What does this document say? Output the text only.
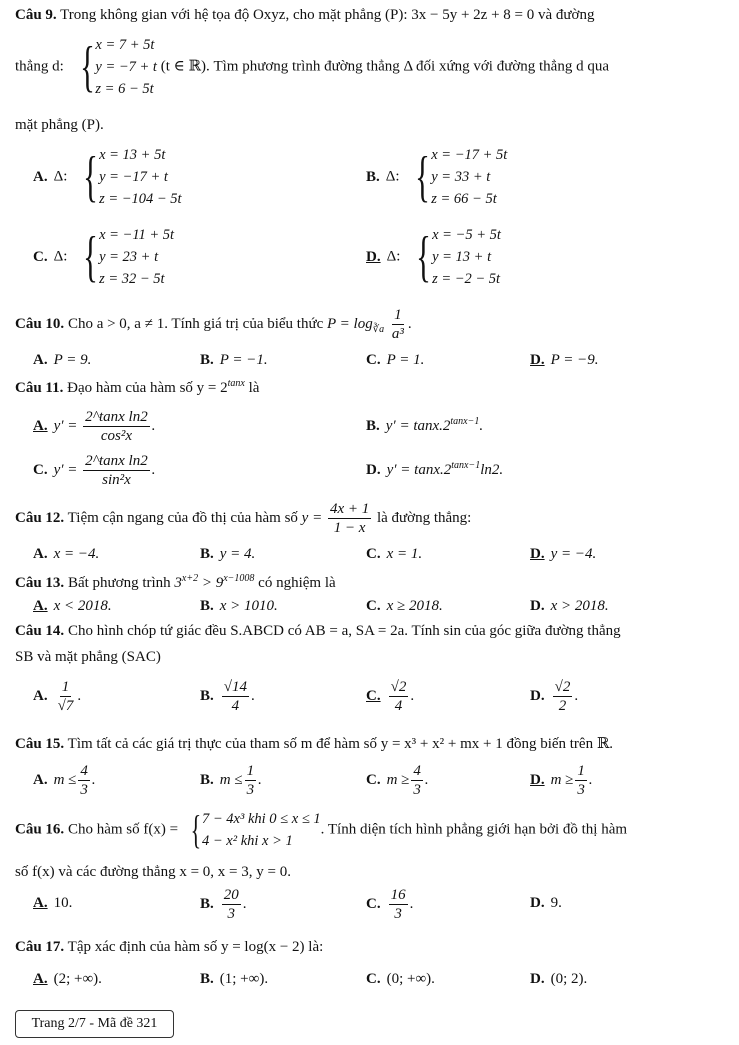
Câu 9. Trong không gian với hệ tọa độ Oxyz, cho mặt phẳng (P): 3x − 5y + 2z + 8 = 0 và đường
thẳng d: { x = 7 + 5t
y = −7 + t
z = 6 − 5t
(t ∈ ℝ). Tìm phương trình đường thẳng Δ đối xứng với đường thẳng d qua
mặt phẳng (P).
A. Δ: { x = 13 + 5t
y = −17 + t
z = −104 − 5t
B. Δ: { x = −17 + 5t
y = 33 + t
z = 66 − 5t
C. Δ: { x = −11 + 5t
y = 23 + t
z = 32 − 5t
D. Δ: { x = −5 + 5t
y = 13 + t
z = −2 − 5t
Câu 10. Cho a > 0, a ≠ 1. Tính giá trị của biểu thức $P = \log_{∛a} \frac{1}{\text{a³}}$ .
A. P = 9.	B. P = −1.	C. P = 1.	D. P = −9.
Câu 11. Đạo hàm của hàm số $y = 2^{tanx}$ là
A. $y' = \frac{\text{2\textasciicircum{}tanx ln2}}{\text{cos²x}}$ .	B. $y' = \tan x.2^{tanx-1}$.
C. $y' = \frac{\text{2\textasciicircum{}tanx ln2}}{\text{sin²x}}$ .	D. $y' = \tan x.2^{tanx-1}\ln 2$.
Câu 12. Tiệm cận ngang của đồ thị của hàm số $y = \frac{4x + 1}{1 - x}$ là đường thẳng:
A. x = −4.	B. y = 4.	C. x = 1.	D. y = −4.
Câu 13. Bất phương trình $3^{x+2} > 9^{x-1008}$ có nghiệm là
A. x < 2018.	B. x > 1010.	C. x ≥ 2018.	D. x > 2018.
Câu 14. Cho hình chóp tứ giác đều S.ABCD có AB = a, SA = 2a. Tính sin của góc giữa đường thẳng
SB và mặt phẳng (SAC)
A. $\frac{1}{√7}$ .	B. $\frac{√14}{4}$ .	C. $\frac{√2}{4}$ .	D. $\frac{√2}{2}$ .
Câu 15. Tìm tất cả các giá trị thực của tham số m để hàm số y = x³ + x² + mx + 1 đồng biến trên ℝ.
A. $m \le \frac{4}{3}$ .	B. $m \le \frac{1}{3}$ .	C. $m \ge \frac{4}{3}$ .	D. $m \ge \frac{1}{3}$ .
Câu 16. Cho hàm số f(x) = { 7 − 4x³ khi 0 ≤ x ≤ 1
4 − x² khi x > 1
. Tính diện tích hình phẳng giới hạn bởi đồ thị hàm
số f(x) và các đường thẳng x = 0, x = 3, y = 0.
A. 10.	B. $\frac{20}{3}$ .	C. $\frac{16}{3}$ .	D. 9.
Câu 17. Tập xác định của hàm số y = log(x − 2) là:
A. (2; +∞).	B. (1; +∞).	C. (0; +∞).	D. (0; 2).
Trang 2/7 - Mã đề 321
